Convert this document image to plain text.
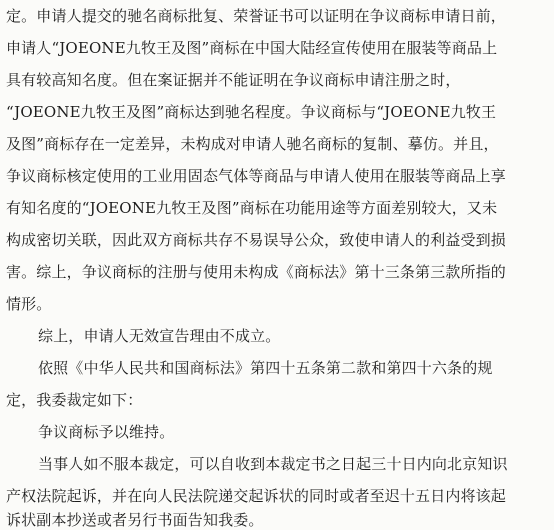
定。申请人提交的驰名商标批复、荣誉证书可以证明在争议商标申请日前，
申请人“JOEONE九牧王及图”商标在中国大陆经宣传使用在服装等商品上
具有较高知名度。但在案证据并不能证明在争议商标申请注册之时，
“JOEONE九牧王及图”商标达到驰名程度。争议商标与“JOEONE九牧王
及图”商标存在一定差异，未构成对申请人驰名商标的复制、摹仿。并且，
争议商标核定使用的工业用固态气体等商品与申请人使用在服装等商品上享
有知名度的“JOEONE九牧王及图”商标在功能用途等方面差别较大，又未
构成密切关联，因此双方商标共存不易误导公众，致使申请人的利益受到损
害。综上，争议商标的注册与使用未构成《商标法》第十三条第三款所指的
情形。
综上，申请人无效宣告理由不成立。
依照《中华人民共和国商标法》第四十五条第二款和第四十六条的规
定，我委裁定如下：
争议商标予以维持。
当事人如不服本裁定，可以自收到本裁定书之日起三十日内向北京知识
产权法院起诉，并在向人民法院递交起诉状的同时或者至迟十五日内将该起
诉状副本抄送或者另行书面告知我委。
